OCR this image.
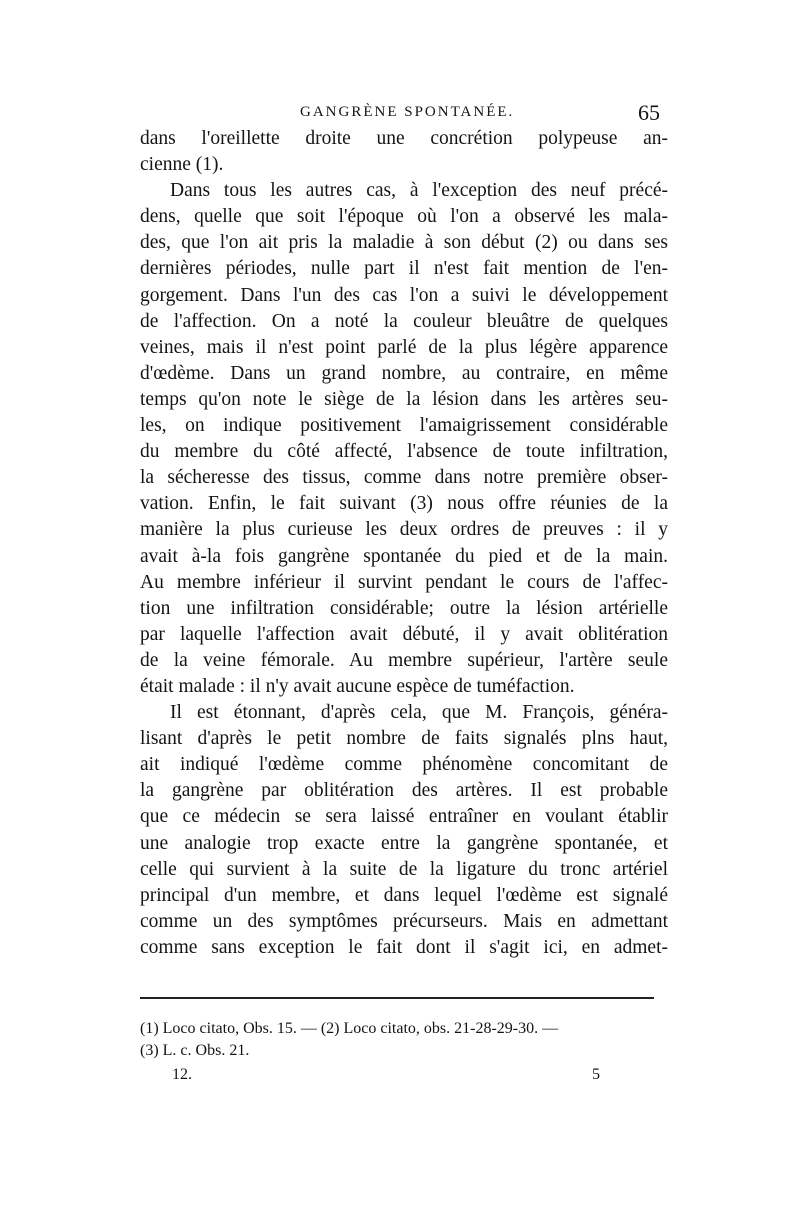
GANGRÈNE SPONTANÉE.	65
dans l'oreillette droite une concrétion polypeuse an-
cienne (1).
Dans tous les autres cas, à l'exception des neuf précé-
dens, quelle que soit l'époque où l'on a observé les mala-
des, que l'on ait pris la maladie à son début (2) ou dans ses
dernières périodes, nulle part il n'est fait mention de l'en-
gorgement. Dans l'un des cas l'on a suivi le développement
de l'affection. On a noté la couleur bleuâtre de quelques
veines, mais il n'est point parlé de la plus légère apparence
d'œdème. Dans un grand nombre, au contraire, en même
temps qu'on note le siège de la lésion dans les artères seu-
les, on indique positivement l'amaigrissement considérable
du membre du côté affecté, l'absence de toute infiltration,
la sécheresse des tissus, comme dans notre première obser-
vation. Enfin, le fait suivant (3) nous offre réunies de la
manière la plus curieuse les deux ordres de preuves : il y
avait à-la fois gangrène spontanée du pied et de la main.
Au membre inférieur il survint pendant le cours de l'affec-
tion une infiltration considérable; outre la lésion artérielle
par laquelle l'affection avait débuté, il y avait oblitération
de la veine fémorale. Au membre supérieur, l'artère seule
était malade : il n'y avait aucune espèce de tuméfaction.
Il est étonnant, d'après cela, que M. François, généra-
lisant d'après le petit nombre de faits signalés plns haut,
ait indiqué l'œdème comme phénomène concomitant de
la gangrène par oblitération des artères. Il est probable
que ce médecin se sera laissé entraîner en voulant établir
une analogie trop exacte entre la gangrène spontanée, et
celle qui survient à la suite de la ligature du tronc artériel
principal d'un membre, et dans lequel l'œdème est signalé
comme un des symptômes précurseurs. Mais en admettant
comme sans exception le fait dont il s'agit ici, en admet-
(1) Loco citato, Obs. 15. — (2) Loco citato, obs. 21-28-29-30. —
(3) L. c. Obs. 21.
12.	5
